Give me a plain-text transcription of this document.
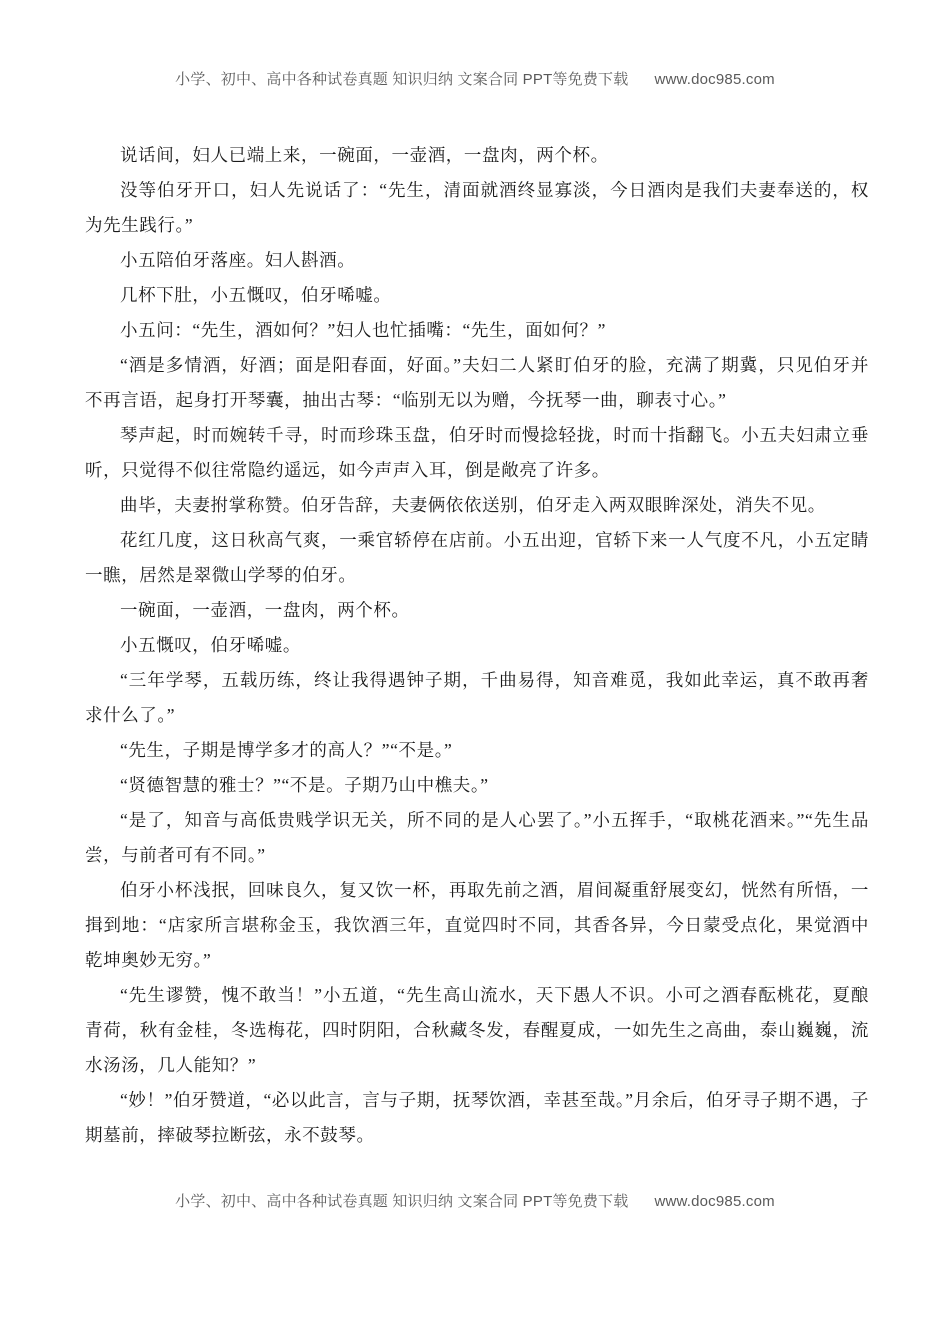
小学、初中、高中各种试卷真题 知识归纳 文案合同 PPT等免费下载 www.doc985.com

说话间，妇人已端上来，一碗面，一壶酒，一盘肉，两个杯。

没等伯牙开口，妇人先说话了：“先生，清面就酒终显寡淡，今日酒肉是我们夫妻奉送的，权为先生践行。”

小五陪伯牙落座。妇人斟酒。

几杯下肚，小五慨叹，伯牙唏嘘。

小五问：“先生，酒如何？”妇人也忙插嘴：“先生，面如何？”

“酒是多情酒，好酒；面是阳春面，好面。”夫妇二人紧盯伯牙的脸，充满了期冀，只见伯牙并不再言语，起身打开琴囊，抽出古琴：“临别无以为赠，今抚琴一曲，聊表寸心。”

琴声起，时而婉转千寻，时而珍珠玉盘，伯牙时而慢捻轻拢，时而十指翻飞。小五夫妇肃立垂听，只觉得不似往常隐约遥远，如今声声入耳，倒是敞亮了许多。

曲毕，夫妻拊掌称赞。伯牙告辞，夫妻俩依依送别，伯牙走入两双眼眸深处，消失不见。

花红几度，这日秋高气爽，一乘官轿停在店前。小五出迎，官轿下来一人气度不凡，小五定睛一瞧，居然是翠微山学琴的伯牙。

一碗面，一壶酒，一盘肉，两个杯。

小五慨叹，伯牙唏嘘。

“三年学琴，五载历练，终让我得遇钟子期，千曲易得，知音难觅，我如此幸运，真不敢再奢求什么了。”

“先生，子期是博学多才的高人？”“不是。”

“贤德智慧的雅士？”“不是。子期乃山中樵夫。”

“是了，知音与高低贵贱学识无关，所不同的是人心罢了。”小五挥手，“取桃花酒来。”“先生品尝，与前者可有不同。”

伯牙小杯浅抿，回味良久，复又饮一杯，再取先前之酒，眉间凝重舒展变幻，恍然有所悟，一揖到地：“店家所言堪称金玉，我饮酒三年，直觉四时不同，其香各异，今日蒙受点化，果觉酒中乾坤奥妙无穷。”

“先生谬赞，愧不敢当！”小五道，“先生高山流水，天下愚人不识。小可之酒春酝桃花，夏酿青荷，秋有金桂，冬选梅花，四时阴阳，合秋藏冬发，春醒夏成，一如先生之高曲，泰山巍巍，流水汤汤，几人能知？”

“妙！”伯牙赞道，“必以此言，言与子期，抚琴饮酒，幸甚至哉。”月余后，伯牙寻子期不遇，子期墓前，摔破琴拉断弦，永不鼓琴。

小学、初中、高中各种试卷真题 知识归纳 文案合同 PPT等免费下载 www.doc985.com
